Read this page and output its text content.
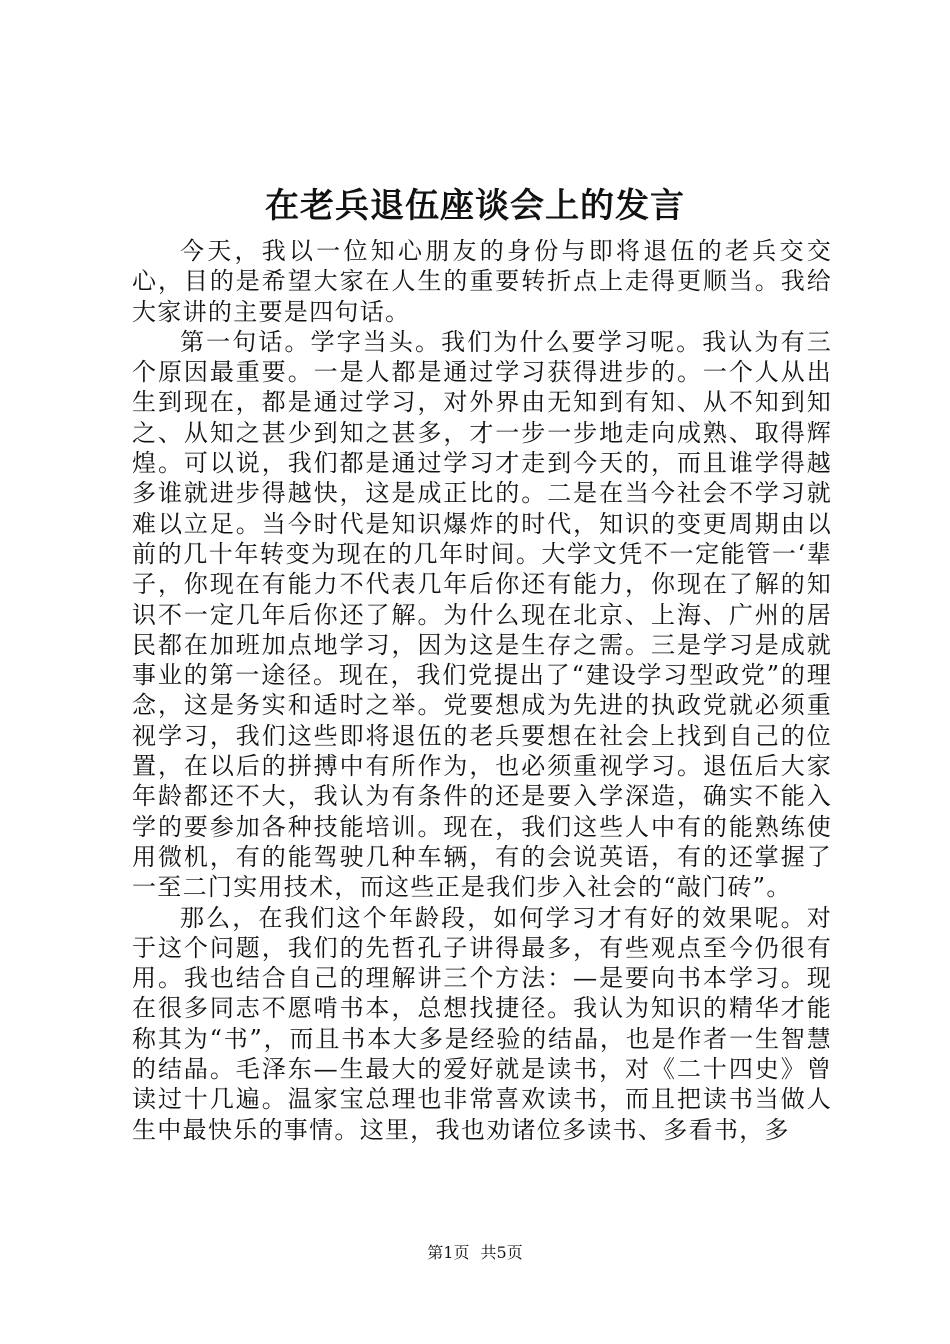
在老兵退伍座谈会上的发言

今天，我以一位知心朋友的身份与即将退伍的老兵交交心，目的是希望大家在人生的重要转折点上走得更顺当。我给大家讲的主要是四句话。

第一句话。学字当头。我们为什么要学习呢。我认为有三个原因最重要。一是人都是通过学习获得进步的。一个人从出生到现在，都是通过学习，对外界由无知到有知、从不知到知之、从知之甚少到知之甚多，才一步一步地走向成熟、取得辉煌。可以说，我们都是通过学习才走到今天的，而且谁学得越多谁就进步得越快，这是成正比的。二是在当今社会不学习就难以立足。当今时代是知识爆炸的时代，知识的变更周期由以前的几十年转变为现在的几年时间。大学文凭不一定能管一‘辈子，你现在有能力不代表几年后你还有能力，你现在了解的知识不一定几年后你还了解。为什么现在北京、上海、广州的居民都在加班加点地学习，因为这是生存之需。三是学习是成就事业的第一途径。现在，我们党提出了“建设学习型政党”的理念，这是务实和适时之举。党要想成为先进的执政党就必须重视学习，我们这些即将退伍的老兵要想在社会上找到自己的位置，在以后的拼搏中有所作为，也必须重视学习。退伍后大家年龄都还不大，我认为有条件的还是要入学深造，确实不能入学的要参加各种技能培训。现在，我们这些人中有的能熟练使用微机，有的能驾驶几种车辆，有的会说英语，有的还掌握了一至二门实用技术，而这些正是我们步入社会的“敲门砖”。

那么，在我们这个年龄段，如何学习才有好的效果呢。对于这个问题，我们的先哲孔子讲得最多，有些观点至今仍很有用。我也结合自己的理解讲三个方法：—是要向书本学习。现在很多同志不愿啃书本，总想找捷径。我认为知识的精华才能称其为“书”，而且书本大多是经验的结晶，也是作者一生智慧的结晶。毛泽东—生最大的爱好就是读书，对《二十四史》曾读过十几遍。温家宝总理也非常喜欢读书，而且把读书当做人生中最快乐的事情。这里，我也劝诸位多读书、多看书，多

第1页 共5页
